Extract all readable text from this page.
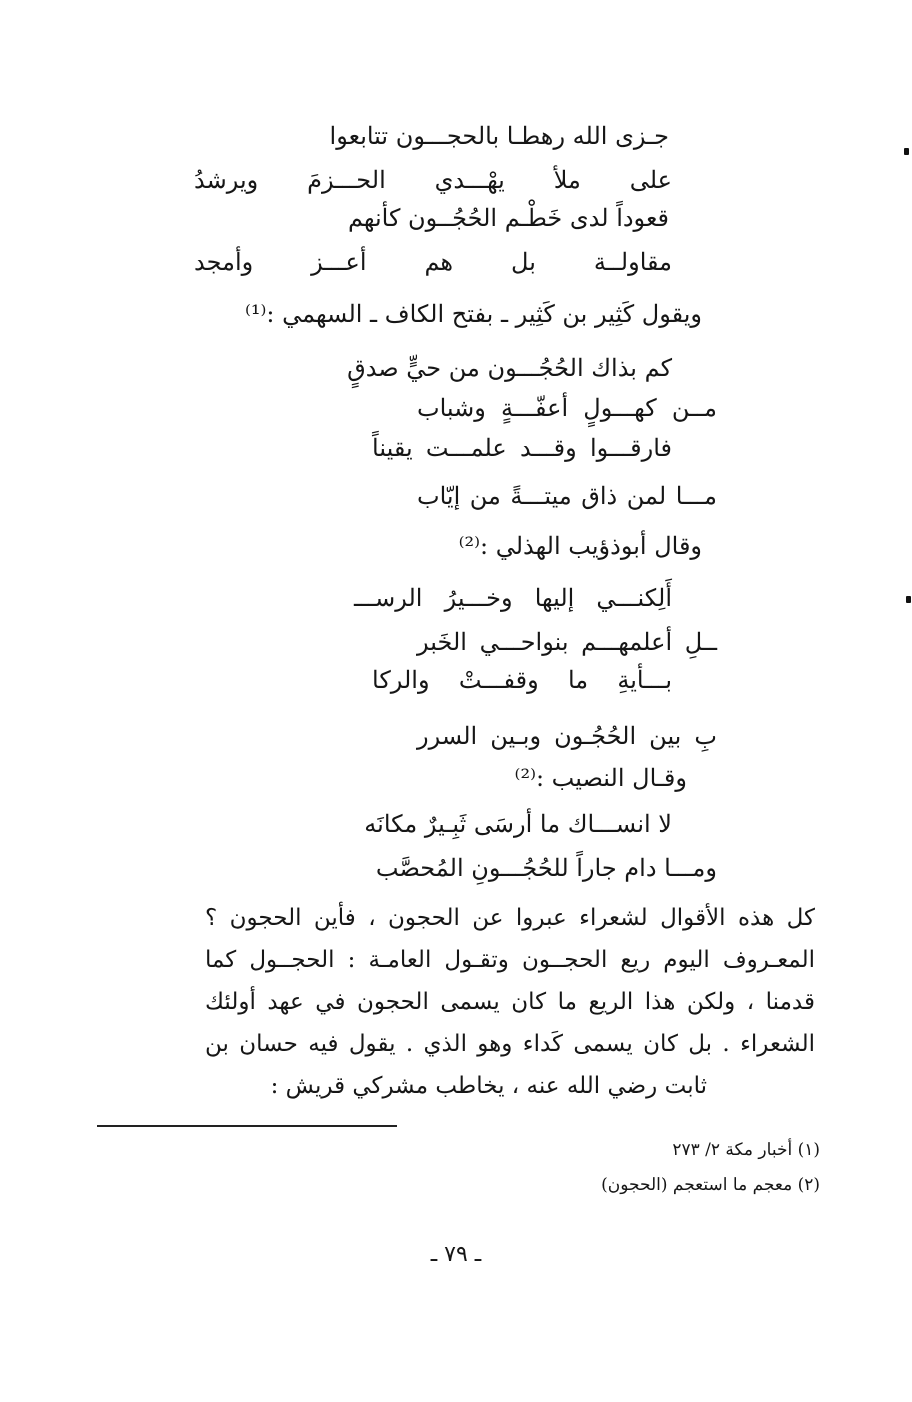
جـزى الله رهطـا بالحجـــون تتابعوا

على
ملأ
يهْـــدي
الحـــزمَ
ويرشدُ

قعوداً لدى خَطْـم الحُجُــون كأنهم

مقاولــة
بل
هم
أعـــز
وأمجد

ويقول كَثِير بن كَثِير ـ بفتح الكاف ـ السهمي :⁽¹⁾

كم بذاك الحُجُـــون من حيٍّ صدقٍ

مــن
كهـــولٍ
أعفّـــةٍ
وشباب

فارقـــوا
وقـــد
علمـــت
يقيناً

مـــا
لمن
ذاق
ميتـــةً
من
إيّاب

وقال أبوذؤيب الهذلي :⁽²⁾

أَلِكنـــي
إليها
وخـــيرُ
الرســـ

ــلِ
أعلمهـــم
بنواحـــي
الخَبر

بـــأيةِ
ما
وقفـــتْ
والركا

بِ
بين
الحُجُـون
وبـين
السرر

وقـال النصيب :⁽²⁾

لا انســـاك ما أرسَى ثَبِـيرٌ مكانَه

ومـــا دام جاراً للحُجُـــونِ المُحصَّب

كل هذه الأقوال لشعراء عبروا عن الحجون ، فأين الحجون ؟

المعـروف اليوم ريع الحجــون وتقـول العامـة : الحجــول كما

قدمنا ، ولكن هذا الريع ما كان يسمى الحجون في عهد أولئك

الشعراء . بل كان يسمى كَداء وهو الذي . يقول فيه حسان بن

ثابت رضي الله عنه ، يخاطب مشركي قريش :

(١) أخبار مكة ٢/ ٢٧٣

(٢) معجم ما استعجم (الحجون)

ـ ٧٩ ـ
